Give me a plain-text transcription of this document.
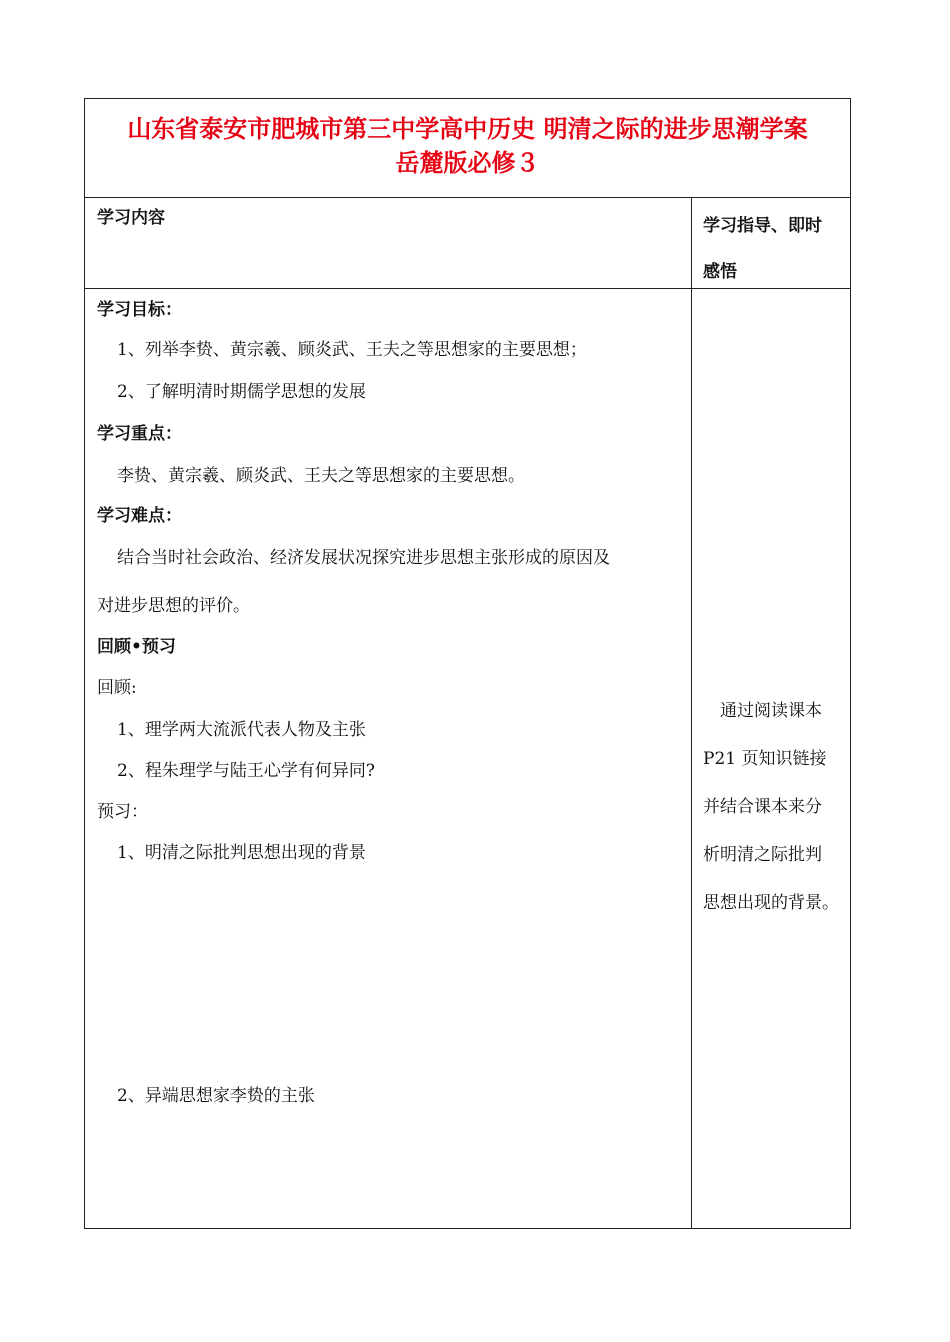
山东省泰安市肥城市第三中学高中历史 明清之际的进步思潮学案
岳麓版必修３
学习内容	学习指导、即时
感悟
学习目标：
1、列举李贽、黄宗羲、顾炎武、王夫之等思想家的主要思想；
2、了解明清时期儒学思想的发展
学习重点：
李贽、黄宗羲、顾炎武、王夫之等思想家的主要思想。
学习难点：
结合当时社会政治、经济发展状况探究进步思想主张形成的原因及
对进步思想的评价。
回顾•预习
回顾:
1、理学两大流派代表人物及主张
2、程朱理学与陆王心学有何异同?
预习：
1、明清之际批判思想出现的背景
2、异端思想家李贽的主张
通过阅读课本
P21 页知识链接
并结合课本来分
析明清之际批判
思想出现的背景。
